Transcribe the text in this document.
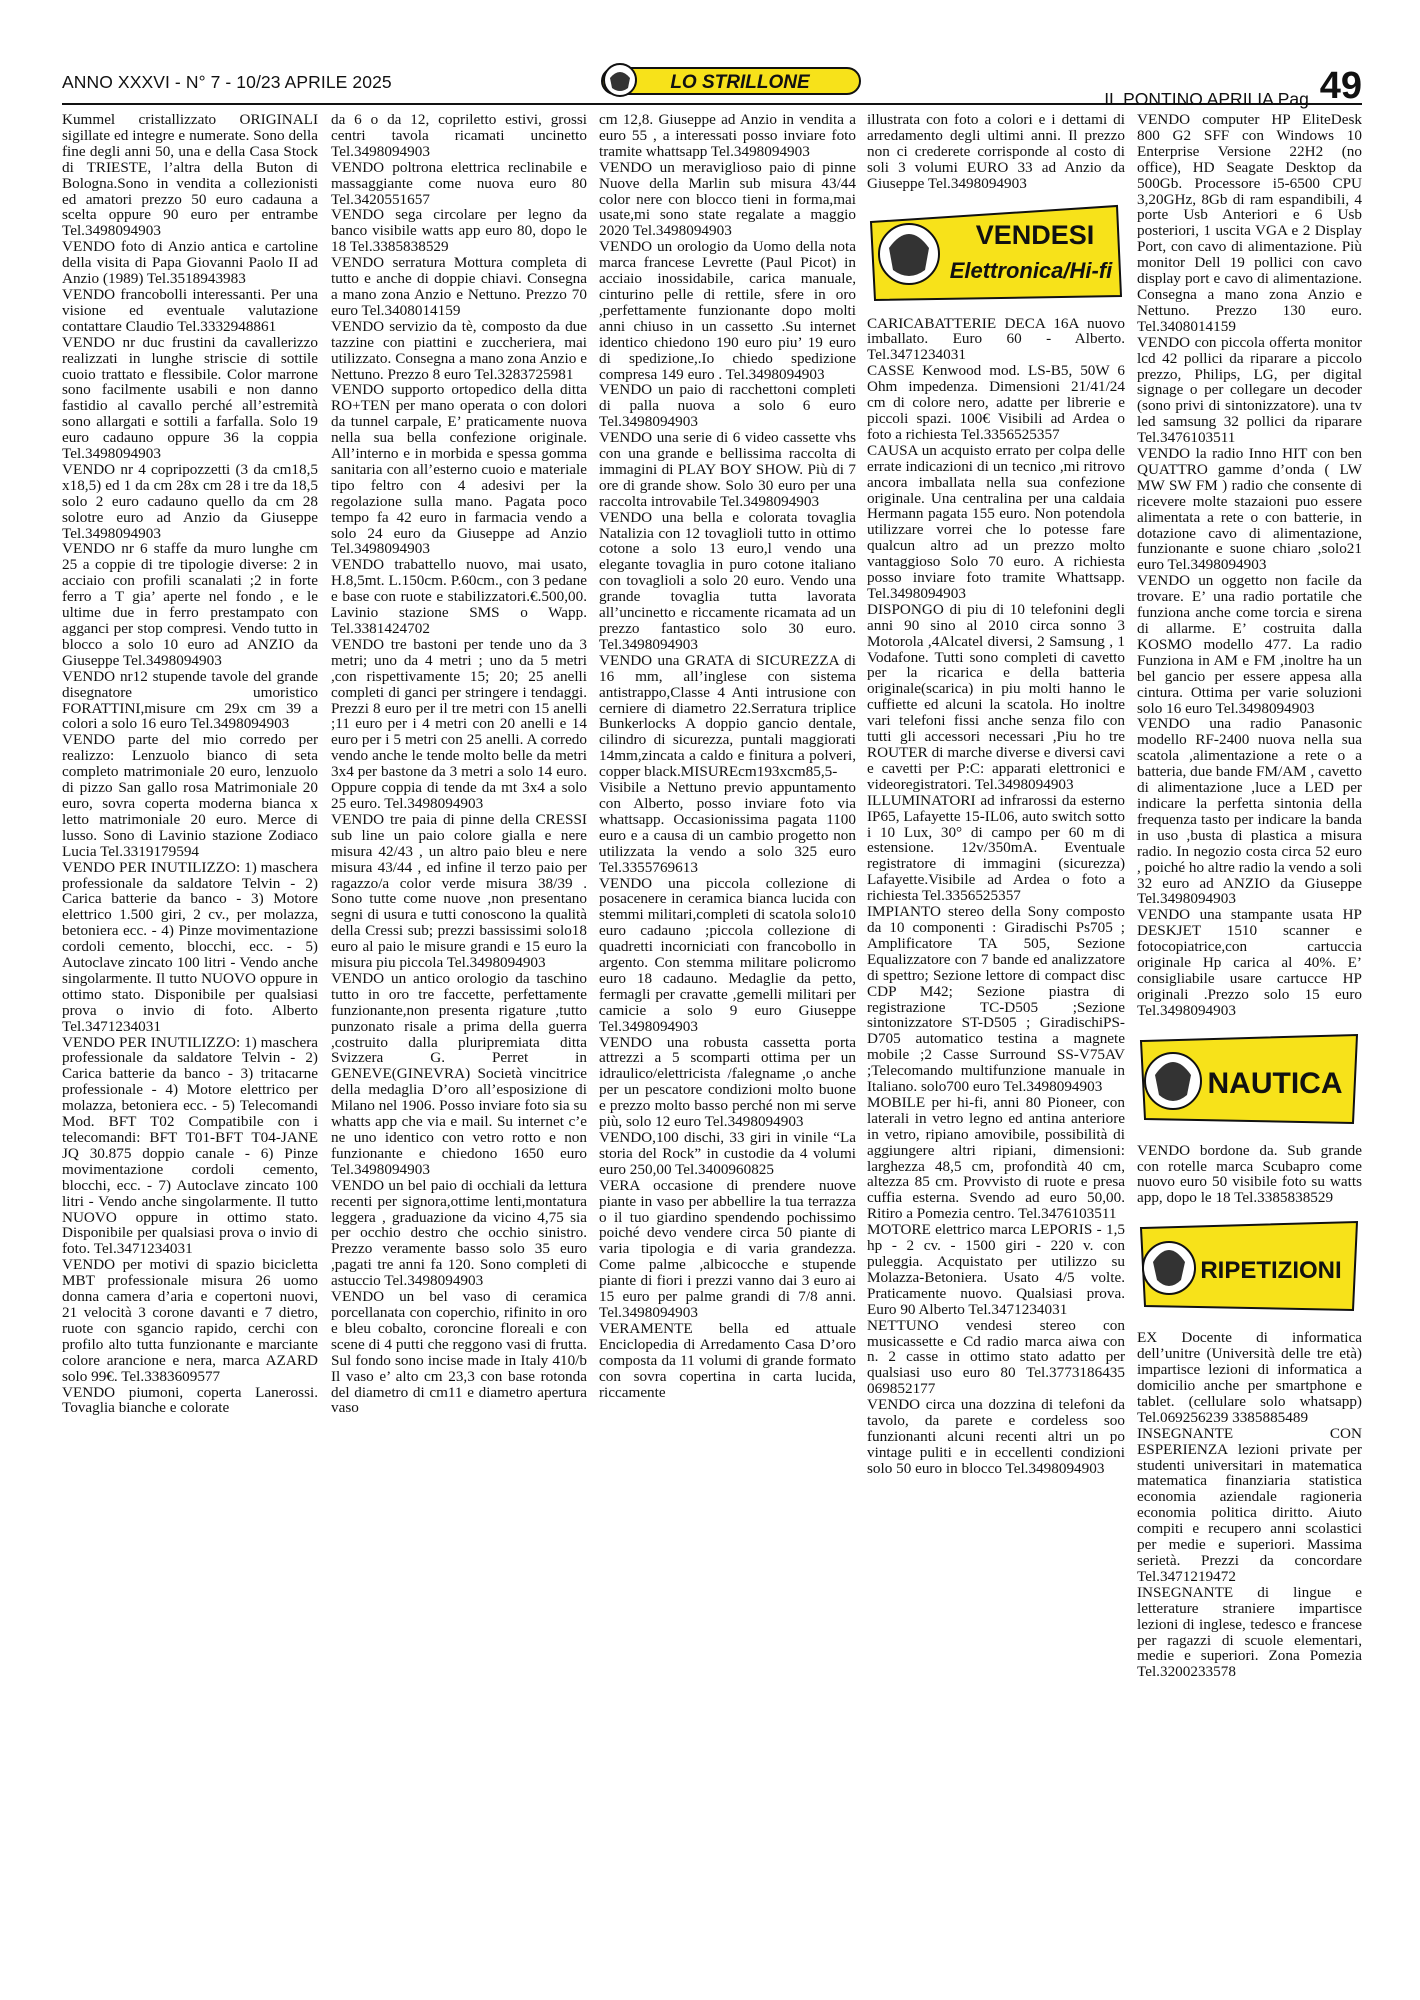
ANNO XXXVI - N° 7 - 10/23 APRILE 2025	LO STRILLONE
IL PONTINO APRILIA Pag. 49

Kummel cristallizzato ORIGINALI sigillate ed integre e numerate. Sono della fine degli anni 50, una e della Casa Stock di TRIESTE, l’altra della Buton di Bologna.Sono in vendita a collezionisti ed amatori prezzo 50 euro cadauna a scelta oppure 90 euro per entrambe Tel.3498094903

VENDO foto di Anzio antica e cartoline della visita di Papa Giovanni Paolo II ad Anzio (1989) Tel.3518943983

VENDO francobolli interessanti. Per una visione ed eventuale valutazione contattare Claudio Tel.3332948861

VENDO nr duc frustini da cavallerizzo realizzati in lunghe striscie di sottile cuoio trattato e flessibile. Color marrone sono facilmente usabili e non danno fastidio al cavallo perché all’estremità sono allargati e sottili a farfalla. Solo 19 euro cadauno oppure 36 la coppia Tel.3498094903

VENDO nr 4 copripozzetti (3 da cm18,5 x18,5) ed 1 da cm 28x cm 28 i tre da 18,5 solo 2 euro cadauno quello da cm 28 solotre euro ad Anzio da Giuseppe Tel.3498094903

VENDO nr 6 staffe da muro lunghe cm 25 a coppie di tre tipologie diverse: 2 in acciaio con profili scanalati ;2 in forte ferro a T gia’ aperte nel fondo , e le ultime due in ferro prestampato con agganci per stop compresi. Vendo tutto in blocco a solo 10 euro ad ANZIO da Giuseppe Tel.3498094903

VENDO nr12 stupende tavole del grande disegnatore umoristico FORATTINI,misure cm 29x cm 39 a colori a solo 16 euro Tel.3498094903

VENDO parte del mio corredo per realizzo: Lenzuolo bianco di seta completo matrimoniale 20 euro, lenzuolo di pizzo San gallo rosa Matrimoniale 20 euro, sovra coperta moderna bianca x letto matrimoniale 20 euro. Merce di lusso. Sono di Lavinio stazione Zodiaco Lucia Tel.3319179594

VENDO PER INUTILIZZO: 1) maschera professionale da saldatore Telvin - 2) Carica batterie da banco - 3) Motore elettrico 1.500 giri, 2 cv., per molazza, betoniera ecc. - 4) Pinze movimentazione cordoli cemento, blocchi, ecc. - 5) Autoclave zincato 100 litri - Vendo anche singolarmente. Il tutto NUOVO oppure in ottimo stato. Disponibile per qualsiasi prova o invio di foto. Alberto Tel.3471234031

VENDO PER INUTILIZZO: 1) maschera professionale da saldatore Telvin - 2) Carica batterie da banco - 3) tritacarne professionale - 4) Motore elettrico per molazza, betoniera ecc. - 5) Telecomandi Mod. BFT T02 Compatibile con i telecomandi: BFT T01-BFT T04-JANE JQ 30.875 doppio canale - 6) Pinze movimentazione cordoli cemento, blocchi, ecc. - 7) Autoclave zincato 100 litri - Vendo anche singolarmente. Il tutto NUOVO oppure in ottimo stato. Disponibile per qualsiasi prova o invio di foto. Tel.3471234031

VENDO per motivi di spazio bicicletta MBT professionale misura 26 uomo donna camera d’aria e copertoni nuovi, 21 velocità 3 corone davanti e 7 dietro, ruote con sgancio rapido, cerchi con profilo alto tutta funzionante e marciante colore arancione e nera, marca AZARD solo 99€. Tel.3383609577

VENDO piumoni, coperta Lanerossi. Tovaglia bianche e colorate

da 6 o da 12, copriletto estivi, grossi centri tavola ricamati uncinetto Tel.3498094903

VENDO poltrona elettrica reclinabile e massaggiante come nuova euro 80 Tel.3420551657

VENDO sega circolare per legno da banco visibile watts app euro 80, dopo le 18 Tel.3385838529

VENDO serratura Mottura completa di tutto e anche di doppie chiavi. Consegna a mano zona Anzio e Nettuno. Prezzo 70 euro Tel.3408014159

VENDO servizio da tè, composto da due tazzine con piattini e zuccheriera, mai utilizzato. Consegna a mano zona Anzio e Nettuno. Prezzo 8 euro Tel.3283725981

VENDO supporto ortopedico della ditta RO+TEN per mano operata o con dolori da tunnel carpale, E’ praticamente nuova nella sua bella confezione originale. All’interno e in morbida e spessa gomma sanitaria con all’esterno cuoio e materiale tipo feltro con 4 adesivi per la regolazione sulla mano. Pagata poco tempo fa 42 euro in farmacia vendo a solo 24 euro da Giuseppe ad Anzio Tel.3498094903

VENDO trabattello nuovo, mai usato, H.8,5mt. L.150cm. P.60cm., con 3 pedane e base con ruote e stabilizzatori.€.500,00. Lavinio stazione SMS o Wapp. Tel.3381424702

VENDO tre bastoni per tende uno da 3 metri; uno da 4 metri ; uno da 5 metri ,con rispettivamente 15; 20; 25 anelli completi di ganci per stringere i tendaggi. Prezzi 8 euro per il tre metri con 15 anelli ;11 euro per i 4 metri con 20 anelli e 14 euro per i 5 metri con 25 anelli. A corredo vendo anche le tende molto belle da metri 3x4 per bastone da 3 metri a solo 14 euro. Oppure coppia di tende da mt 3x4 a solo 25 euro. Tel.3498094903

VENDO tre paia di pinne della CRESSI sub line un paio colore gialla e nere misura 42/43 , un altro paio bleu e nere misura 43/44 , ed infine il terzo paio per ragazzo/a color verde misura 38/39 . Sono tutte come nuove ,non presentano segni di usura e tutti conoscono la qualità della Cressi sub; prezzi bassissimi solo18 euro al paio le misure grandi e 15 euro la misura piu piccola Tel.3498094903

VENDO un antico orologio da taschino tutto in oro tre faccette, perfettamente funzionante,non presenta rigature ,tutto punzonato risale a prima della guerra ,costruito dalla pluripremiata ditta Svizzera G. Perret in GENEVE(GINEVRA) Società vincitrice della medaglia D’oro all’esposizione di Milano nel 1906. Posso inviare foto sia su whatts app che via e mail. Su internet c’e ne uno identico con vetro rotto e non funzionante e chiedono 1650 euro Tel.3498094903

VENDO un bel paio di occhiali da lettura recenti per signora,ottime lenti,montatura leggera , graduazione da vicino 4,75 sia per occhio destro che occhio sinistro. Prezzo veramente basso solo 35 euro ,pagati tre anni fa 120. Sono completi di astuccio Tel.3498094903

VENDO un bel vaso di ceramica porcellanata con coperchio, rifinito in oro e bleu cobalto, coroncine floreali e con scene di 4 putti che reggono vasi di frutta. Sul fondo sono incise made in Italy 410/b Il vaso e’ alto cm 23,3 con base rotonda del diametro di cm11 e diametro apertura vaso

cm 12,8. Giuseppe ad Anzio in vendita a euro 55 , a interessati posso inviare foto tramite whattsapp Tel.3498094903

VENDO un meraviglioso paio di pinne Nuove della Marlin sub misura 43/44 color nere con blocco tieni in forma,mai usate,mi sono state regalate a maggio 2020 Tel.3498094903

VENDO un orologio da Uomo della nota marca francese Levrette (Paul Picot) in acciaio inossidabile, carica manuale, cinturino pelle di rettile, sfere in oro ,perfettamente funzionante dopo molti anni chiuso in un cassetto .Su internet identico chiedono 190 euro piu’ 19 euro di spedizione,.Io chiedo spedizione compresa 149 euro . Tel.3498094903

VENDO un paio di racchettoni completi di palla nuova a solo 6 euro Tel.3498094903

VENDO una serie di 6 video cassette vhs con una grande e bellissima raccolta di immagini di PLAY BOY SHOW. Più di 7 ore di grande show. Solo 30 euro per una raccolta introvabile Tel.3498094903

VENDO una bella e colorata tovaglia Natalizia con 12 tovaglioli tutto in ottimo cotone a solo 13 euro,l vendo una elegante tovaglia in puro cotone italiano con tovaglioli a solo 20 euro. Vendo una grande tovaglia tutta lavorata all’uncinetto e riccamente ricamata ad un prezzo fantastico solo 30 euro. Tel.3498094903

VENDO una GRATA di SICUREZZA di 16 mm, all’inglese con sistema antistrappo,Classe 4 Anti intrusione con cerniere di diametro 22.Serratura triplice Bunkerlocks A doppio gancio dentale, cilindro di sicurezza, puntali maggiorati 14mm,zincata a caldo e finitura a polveri, copper black.MISUREcm193xcm85,5-

Visibile a Nettuno previo appuntamento con Alberto, posso inviare foto via whattsapp. Occasionissima pagata 1100 euro e a causa di un cambio progetto non utilizzata la vendo a solo 325 euro Tel.3355769613

VENDO una piccola collezione di posacenere in ceramica bianca lucida con stemmi militari,completi di scatola solo10 euro cadauno ;piccola collezione di quadretti incorniciati con francobollo in argento. Con stemma militare policromo euro 18 cadauno. Medaglie da petto, fermagli per cravatte ,gemelli militari per camicie a solo 9 euro Giuseppe Tel.3498094903

VENDO una robusta cassetta porta attrezzi a 5 scomparti ottima per un idraulico/elettricista /falegname ,o anche per un pescatore condizioni molto buone e prezzo molto basso perché non mi serve più, solo 12 euro Tel.3498094903

VENDO,100 dischi, 33 giri in vinile “La storia del Rock” in custodie da 4 volumi euro 250,00 Tel.3400960825

VERA occasione di prendere nuove piante in vaso per abbellire la tua terrazza o il tuo giardino spendendo pochissimo poiché devo vendere circa 50 piante di varia tipologia e di varia grandezza. Come palme ,albicocche e stupende piante di fiori i prezzi vanno dai 3 euro ai 15 euro per palme grandi di 7/8 anni. Tel.3498094903

VERAMENTE bella ed attuale Enciclopedia di Arredamento Casa D’oro composta da 11 volumi di grande formato con sovra copertina in carta lucida, riccamente

illustrata con foto a colori e i dettami di arredamento degli ultimi anni. Il prezzo non ci crederete corrisponde al costo di soli 3 volumi EURO 33 ad Anzio da Giuseppe Tel.3498094903

VENDESI
Elettronica/Hi-fi

CARICABATTERIE DECA 16A nuovo imballato. Euro 60 - Alberto. Tel.3471234031

CASSE Kenwood mod. LS-B5, 50W 6 Ohm impedenza. Dimensioni 21/41/24 cm di colore nero, adatte per librerie e piccoli spazi. 100€ Visibili ad Ardea o foto a richiesta Tel.3356525357

CAUSA un acquisto errato per colpa delle errate indicazioni di un tecnico ,mi ritrovo ancora imballata nella sua confezione originale. Una centralina per una caldaia Hermann pagata 155 euro. Non potendola utilizzare vorrei che lo potesse fare qualcun altro ad un prezzo molto vantaggioso Solo 70 euro. A richiesta posso inviare foto tramite Whattsapp. Tel.3498094903

DISPONGO di piu di 10 telefonini degli anni 90 sino al 2010 circa sonno 3 Motorola ,4Alcatel diversi, 2 Samsung , 1 Vodafone. Tutti sono completi di cavetto per la ricarica e della batteria originale(scarica) in piu molti hanno le cuffiette ed alcuni la scatola. Ho inoltre vari telefoni fissi anche senza filo con tutti gli accessori necessari ,Piu ho tre ROUTER di marche diverse e diversi cavi e cavetti per P:C: apparati elettronici e videoregistratori. Tel.3498094903

ILLUMINATORI ad infrarossi da esterno IP65, Lafayette 15-IL06, auto switch sotto i 10 Lux, 30° di campo per 60 m di estensione. 12v/350mA. Eventuale registratore di immagini (sicurezza) Lafayette.Visibile ad Ardea o foto a richiesta Tel.3356525357

IMPIANTO stereo della Sony composto da 10 componenti : Giradischi Ps705 ; Amplificatore TA 505, Sezione Equalizzatore con 7 bande ed analizzatore di spettro; Sezione lettore di compact disc CDP M42; Sezione piastra di registrazione TC-D505 ;Sezione sintonizzatore ST-D505 ; GiradischiPS-D705 automatico testina a magnete mobile ;2 Casse Surround SS-V75AV ;Telecomando multifunzione manuale in Italiano. solo700 euro Tel.3498094903

MOBILE per hi-fi, anni 80 Pioneer, con laterali in vetro legno ed antina anteriore in vetro, ripiano amovibile, possibilità di aggiungere altri ripiani, dimensioni: larghezza 48,5 cm, profondità 40 cm, altezza 85 cm. Provvisto di ruote e presa cuffia esterna. Svendo ad euro 50,00. Ritiro a Pomezia centro. Tel.3476103511

MOTORE elettrico marca LEPORIS - 1,5 hp - 2 cv. - 1500 giri - 220 v. con puleggia. Acquistato per utilizzo su Molazza-Betoniera. Usato 4/5 volte. Praticamente nuovo. Qualsiasi prova. Euro 90 Alberto Tel.3471234031

NETTUNO vendesi stereo con musicassette e Cd radio marca aiwa con n. 2 casse in ottimo stato adatto per qualsiasi uso euro 80 Tel.3773186435 069852177

VENDO circa una dozzina di telefoni da tavolo, da parete e cordeless soo funzionanti alcuni recenti altri un po vintage puliti e in eccellenti condizioni solo 50 euro in blocco Tel.3498094903

VENDO computer HP EliteDesk 800 G2 SFF con Windows 10 Enterprise Versione 22H2 (no office), HD Seagate Desktop da 500Gb. Processore i5-6500 CPU 3,20GHz, 8Gb di ram espandibili, 4 porte Usb Anteriori e 6 Usb posteriori, 1 uscita VGA e 2 Display Port, con cavo di alimentazione. Più monitor Dell 19 pollici con cavo display port e cavo di alimentazione. Consegna a mano zona Anzio e Nettuno. Prezzo 130 euro. Tel.3408014159

VENDO con piccola offerta monitor lcd 42 pollici da riparare a piccolo prezzo, Philips, LG, per digital signage o per collegare un decoder (sono privi di sintonizzatore). una tv led samsung 32 pollici da riparare Tel.3476103511

VENDO la radio Inno HIT con ben QUATTRO gamme d’onda ( LW MW SW FM ) radio che consente di ricevere molte stazaioni puo essere alimentata a rete o con batterie, in dotazione cavo di alimentazione, funzionante e suone chiaro ,solo21 euro Tel.3498094903

VENDO un oggetto non facile da trovare. E’ una radio portatile che funziona anche come torcia e sirena di allarme. E’ costruita dalla KOSMO modello 477. La radio Funziona in AM e FM ,inoltre ha un bel gancio per essere appesa alla cintura. Ottima per varie soluzioni solo 16 euro Tel.3498094903

VENDO una radio Panasonic modello RF-2400 nuova nella sua scatola ,alimentazione a rete o a batteria, due bande FM/AM , cavetto di alimentazione ,luce a LED per indicare la perfetta sintonia della frequenza tasto per indicare la banda in uso ,busta di plastica a misura radio. In negozio costa circa 52 euro , poiché ho altre radio la vendo a soli 32 euro ad ANZIO da Giuseppe Tel.3498094903

VENDO una stampante usata HP DESKJET 1510 scanner e fotocopiatrice,con cartuccia originale Hp carica al 40%. E’ consigliabile usare cartucce HP originali .Prezzo solo 15 euro Tel.3498094903

NAUTICA

VENDO bordone da. Sub grande con rotelle marca Scubapro come nuovo euro 50 visibile foto su watts app, dopo le 18 Tel.3385838529

RIPETIZIONI

EX Docente di informatica dell’unitre (Università delle tre età) impartisce lezioni di informatica a domicilio anche per smartphone e tablet. (cellulare solo whatsapp) Tel.069256239 3385885489

INSEGNANTE CON ESPERIENZA lezioni private per studenti universitari in matematica matematica finanziaria statistica economia aziendale ragioneria economia politica diritto. Aiuto compiti e recupero anni scolastici per medie e superiori. Massima serietà. Prezzi da concordare Tel.3471219472

INSEGNANTE di lingue e letterature straniere impartisce lezioni di inglese, tedesco e francese per ragazzi di scuole elementari, medie e superiori. Zona Pomezia Tel.3200233578
